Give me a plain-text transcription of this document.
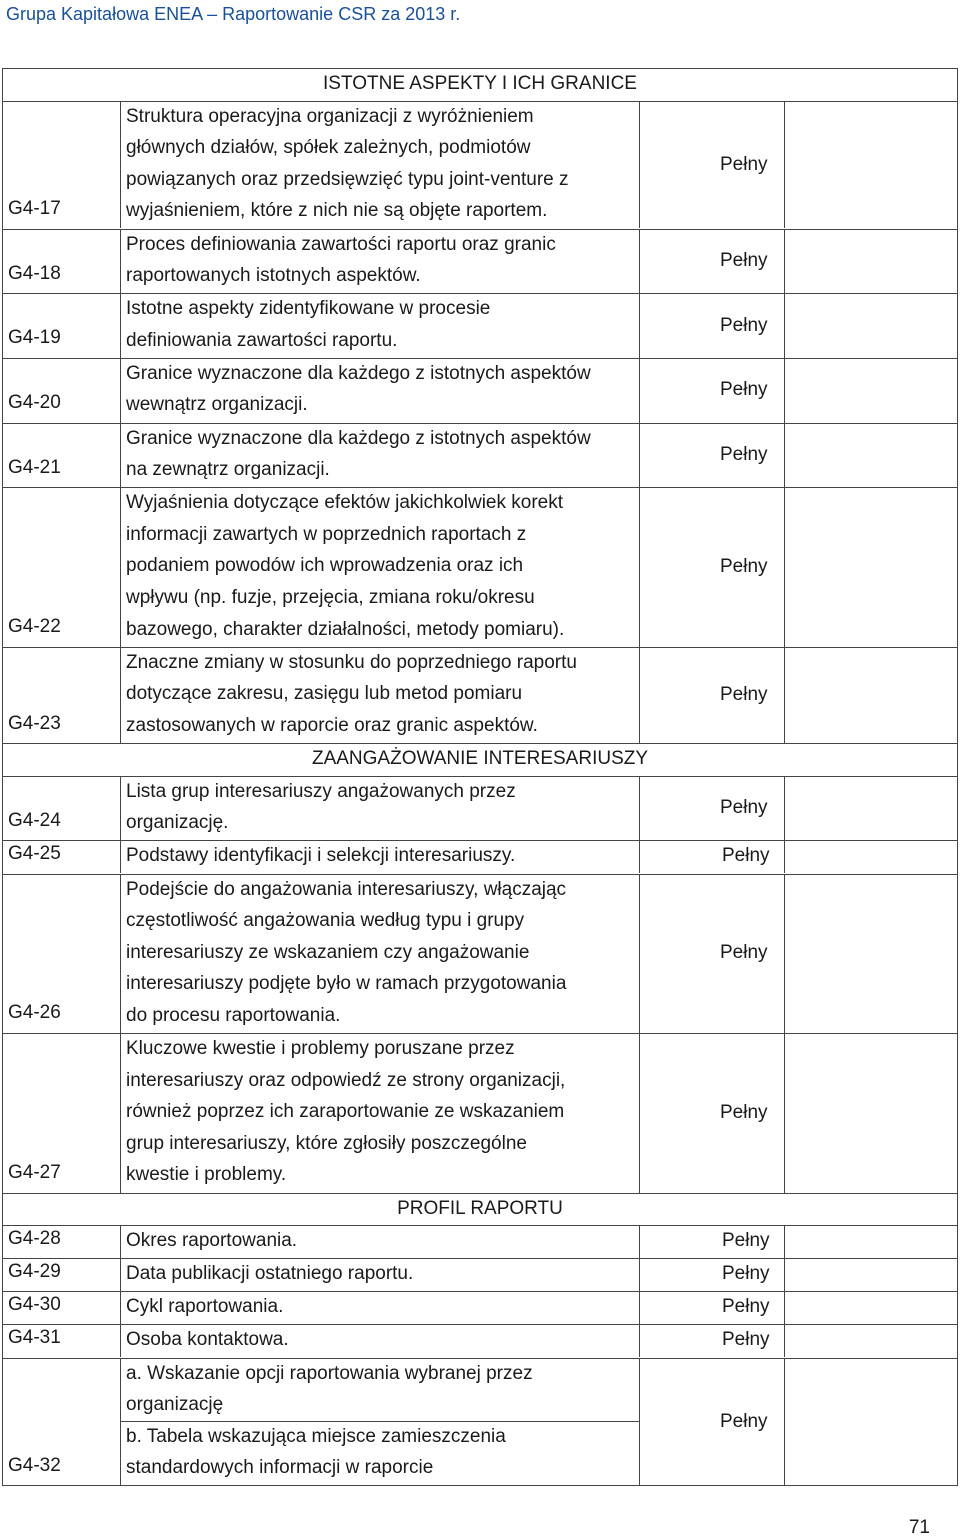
Grupa Kapitałowa ENEA – Raportowanie CSR za 2013 r.
ISTOTNE ASPEKTY I ICH GRANICE
G4-17
Struktura operacyjna organizacji z wyróżnieniem
głównych działów, spółek zależnych, podmiotów
powiązanych oraz przedsięwzięć typu joint-venture z
wyjaśnieniem, które z nich nie są objęte raportem.
Pełny
G4-18
Proces definiowania zawartości raportu oraz granic
raportowanych istotnych aspektów.
Pełny
G4-19
Istotne aspekty zidentyfikowane w procesie
definiowania zawartości raportu.
Pełny
G4-20
Granice wyznaczone dla każdego z istotnych aspektów
wewnątrz organizacji.
Pełny
G4-21
Granice wyznaczone dla każdego z istotnych aspektów
na zewnątrz organizacji.
Pełny
G4-22
Wyjaśnienia dotyczące efektów jakichkolwiek korekt
informacji zawartych w poprzednich raportach z
podaniem powodów ich wprowadzenia oraz ich
wpływu (np. fuzje, przejęcia, zmiana roku/okresu
bazowego, charakter działalności, metody pomiaru).
Pełny
G4-23
Znaczne zmiany w stosunku do poprzedniego raportu
dotyczące zakresu, zasięgu lub metod pomiaru
zastosowanych w raporcie oraz granic aspektów.
Pełny
ZAANGAŻOWANIE INTERESARIUSZY
G4-24
Lista grup interesariuszy angażowanych przez
organizację.
Pełny
G4-25	Podstawy identyfikacji i selekcji interesariuszy.	Pełny
G4-26
Podejście do angażowania interesariuszy, włączając
częstotliwość angażowania według typu i grupy
interesariuszy ze wskazaniem czy angażowanie
interesariuszy podjęte było w ramach przygotowania
do procesu raportowania.
Pełny
G4-27
Kluczowe kwestie i problemy poruszane przez
interesariuszy oraz odpowiedź ze strony organizacji,
również poprzez ich zaraportowanie ze wskazaniem
grup interesariuszy, które zgłosiły poszczególne
kwestie i problemy.
Pełny
PROFIL RAPORTU
G4-28	Okres raportowania.	Pełny
G4-29	Data publikacji ostatniego raportu.	Pełny
G4-30	Cykl raportowania.	Pełny
G4-31	Osoba kontaktowa.	Pełny
G4-32
a. Wskazanie opcji raportowania wybranej przez
organizację
b. Tabela wskazująca miejsce zamieszczenia
standardowych informacji w raporcie
Pełny
71
